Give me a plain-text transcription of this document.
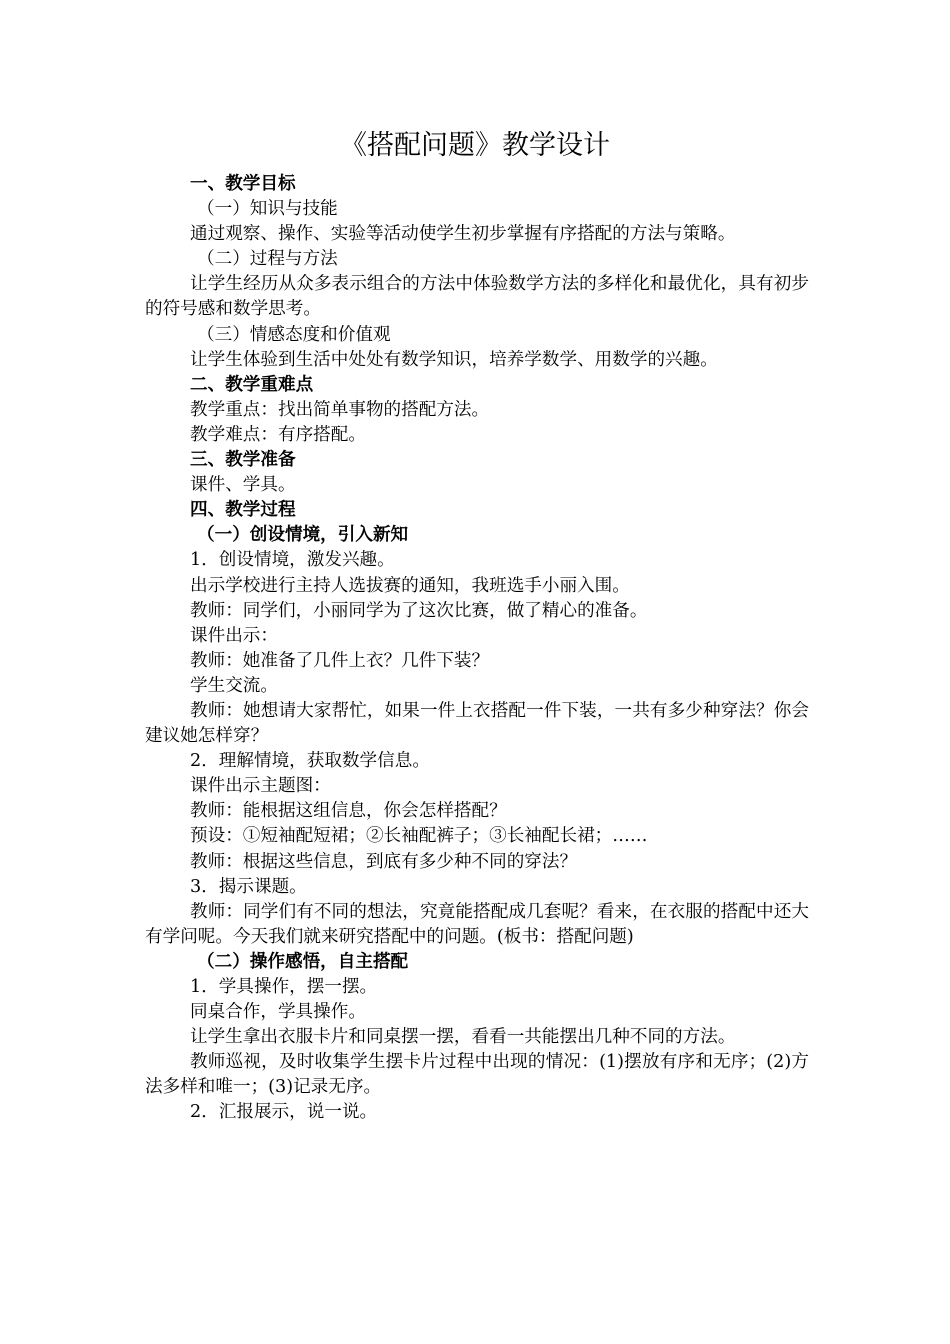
《搭配问题》教学设计

一、教学目标

（一）知识与技能

通过观察、操作、实验等活动使学生初步掌握有序搭配的方法与策略。

（二）过程与方法

让学生经历从众多表示组合的方法中体验数学方法的多样化和最优化，具有初步的符号感和数学思考。

（三）情感态度和价值观

让学生体验到生活中处处有数学知识，培养学数学、用数学的兴趣。

二、教学重难点

教学重点：找出简单事物的搭配方法。

教学难点：有序搭配。

三、教学准备

课件、学具。

四、教学过程

（一）创设情境，引入新知

1．创设情境，激发兴趣。

出示学校进行主持人选拔赛的通知，我班选手小丽入围。

教师：同学们，小丽同学为了这次比赛，做了精心的准备。

课件出示：

教师：她准备了几件上衣？几件下装？

学生交流。

教师：她想请大家帮忙，如果一件上衣搭配一件下装，一共有多少种穿法？你会建议她怎样穿？

2．理解情境，获取数学信息。

课件出示主题图：

教师：能根据这组信息，你会怎样搭配？

预设：①短袖配短裙；②长袖配裤子；③长袖配长裙；……

教师：根据这些信息，到底有多少种不同的穿法？

3．揭示课题。

教师：同学们有不同的想法，究竟能搭配成几套呢？看来，在衣服的搭配中还大有学问呢。今天我们就来研究搭配中的问题。(板书：搭配问题)

（二）操作感悟，自主搭配

1．学具操作，摆一摆。

同桌合作，学具操作。

让学生拿出衣服卡片和同桌摆一摆，看看一共能摆出几种不同的方法。

教师巡视，及时收集学生摆卡片过程中出现的情况：(1)摆放有序和无序；(2)方法多样和唯一；(3)记录无序。

2．汇报展示，说一说。
